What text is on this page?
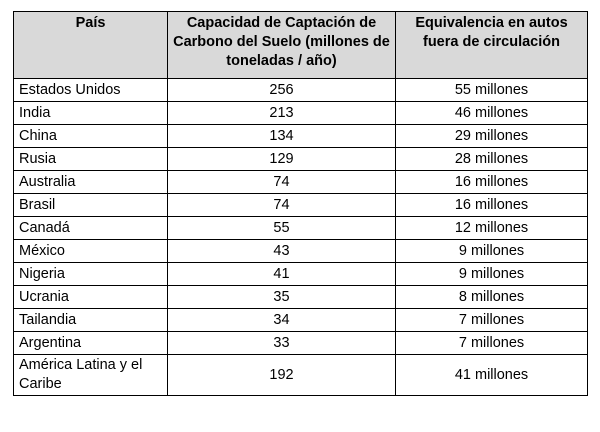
País	Capacidad de Captación de Carbono del Suelo (millones de toneladas / año)	Equivalencia en autos fuera de circulación
Estados Unidos	256	55 millones
India	213	46 millones
China	134	29 millones
Rusia	129	28 millones
Australia	74	16 millones
Brasil	74	16 millones
Canadá	55	12 millones
México	43	9 millones
Nigeria	41	9 millones
Ucrania	35	8 millones
Tailandia	34	7 millones
Argentina	33	7 millones
América Latina y el Caribe	192	41 millones
